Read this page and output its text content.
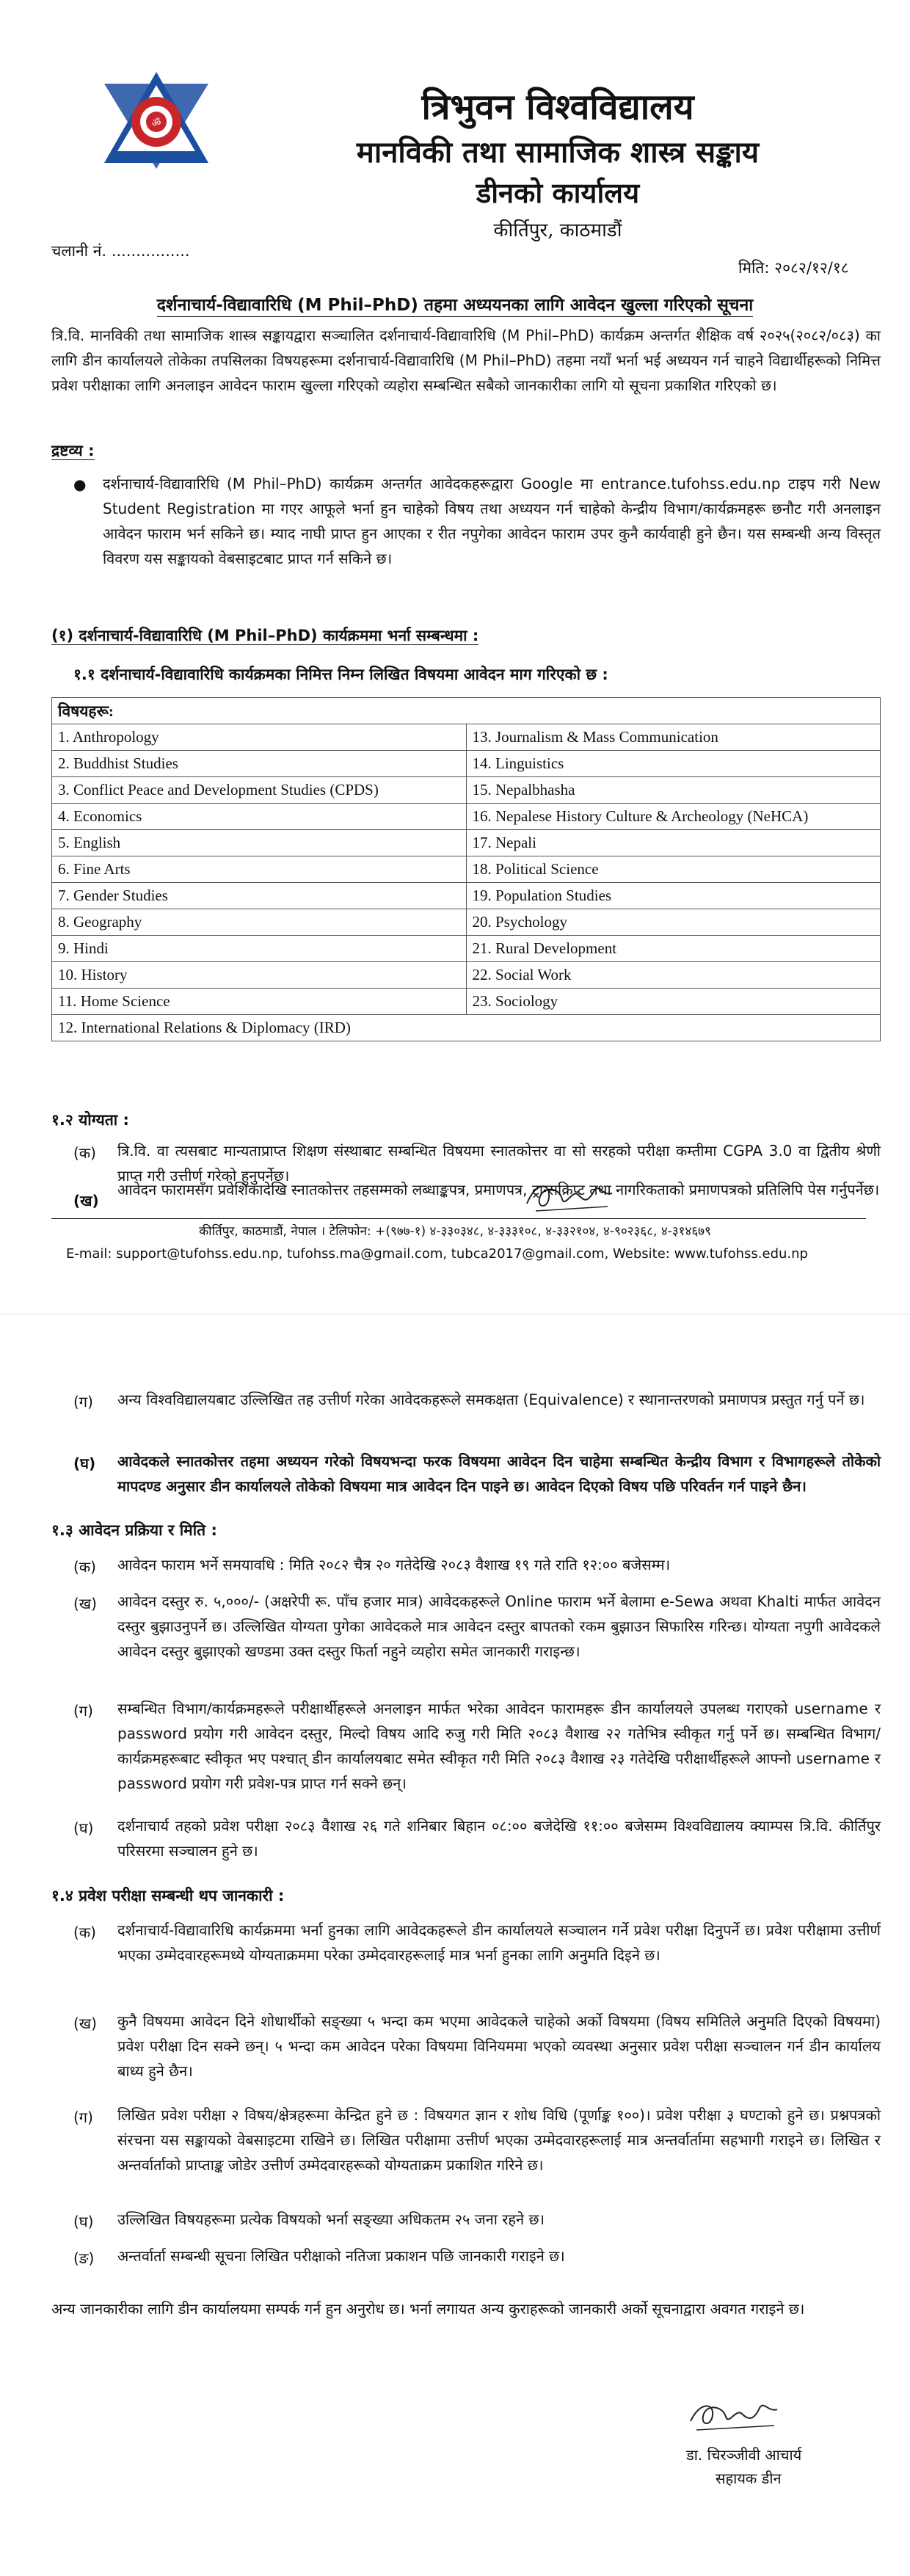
ॐ	त्रिभुवन विश्वविद्यालय
मानविकी तथा सामाजिक शास्त्र सङ्काय
डीनको कार्यालय
कीर्तिपुर, काठमाडौं
चलानी नं. ................
मिति: २०८२/१२/१८
दर्शनाचार्य-विद्यावारिधि (M Phil–PhD) तहमा अध्ययनका लागि आवेदन खुल्ला गरिएको सूचना
त्रि.वि. मानविकी तथा सामाजिक शास्त्र सङ्कायद्वारा सञ्चालित दर्शनाचार्य-विद्यावारिधि (M Phil–PhD) कार्यक्रम अन्तर्गत शैक्षिक वर्ष २०२५(२०८२/०८३) का लागि डीन कार्यालयले तोकेका तपसिलका विषयहरूमा दर्शनाचार्य-विद्यावारिधि (M Phil–PhD) तहमा नयाँ भर्ना भई अध्ययन गर्न चाहने विद्यार्थीहरूको निमित्त प्रवेश परीक्षाका लागि अनलाइन आवेदन फाराम खुल्ला गरिएको व्यहोरा सम्बन्धित सबैको जानकारीका लागि यो सूचना प्रकाशित गरिएको छ।
द्रष्टव्य :
● दर्शनाचार्य-विद्यावारिधि (M Phil–PhD) कार्यक्रम अन्तर्गत आवेदकहरूद्वारा Google मा entrance.tufohss.edu.np टाइप गरी New Student Registration मा गएर आफूले भर्ना हुन चाहेको विषय तथा अध्ययन गर्न चाहेको केन्द्रीय विभाग/कार्यक्रमहरू छनौट गरी अनलाइन आवेदन फाराम भर्न सकिने छ। म्याद नाघी प्राप्त हुन आएका र रीत नपुगेका आवेदन फाराम उपर कुनै कार्यवाही हुने छैन। यस सम्बन्धी अन्य विस्तृत विवरण यस सङ्कायको वेबसाइटबाट प्राप्त गर्न सकिने छ।
(१) दर्शनाचार्य-विद्यावारिधि (M Phil–PhD) कार्यक्रममा भर्ना सम्बन्धमा :
१.१ दर्शनाचार्य-विद्यावारिधि कार्यक्रमका निमित्त निम्न लिखित विषयमा आवेदन माग गरिएको छ :
विषयहरू:	
1. Anthropology	13. Journalism & Mass Communication
2. Buddhist Studies	14. Linguistics
3. Conflict Peace and Development Studies (CPDS)	15. Nepalbhasha
4. Economics	16. Nepalese History Culture & Archeology (NeHCA)
5. English	17. Nepali
6. Fine Arts	18. Political Science
7. Gender Studies	19. Population Studies
8. Geography	20. Psychology
9. Hindi	21. Rural Development
10. History	22. Social Work
11. Home Science	23. Sociology
12. International Relations & Diplomacy (IRD)	
१.२ योग्यता :
(क) त्रि.वि. वा त्यसबाट मान्यताप्राप्त शिक्षण संस्थाबाट सम्बन्धित विषयमा स्नातकोत्तर वा सो सरहको परीक्षा कम्तीमा CGPA 3.0 वा द्वितीय श्रेणी प्राप्त गरी उत्तीर्ण गरेको हुनुपर्नेछ।
(ख)
कीर्तिपुर, काठमाडौं, नेपाल । टेलिफोन: +(९७७-१) ४-३३०३४८, ४-३३३१०८, ४-३३२१०४, ४-९०२३६८, ४-३१४६७९
E-mail: support@tufohss.edu.np, tufohss.ma@gmail.com, tubca2017@gmail.com, Website: www.tufohss.edu.np
आवेदन फारामसँग प्रवेशिकादेखि स्नातकोत्तर तहसम्मको लब्धाङ्कपत्र, प्रमाणपत्र, ट्रान्सक्रिप्ट तथा नागरिकताको प्रमाणपत्रको प्रतिलिपि पेस गर्नुपर्नेछ।
(ग) अन्य विश्वविद्यालयबाट उल्लिखित तह उत्तीर्ण गरेका आवेदकहरूले समकक्षता (Equivalence) र स्थानान्तरणको प्रमाणपत्र प्रस्तुत गर्नु पर्ने छ।
(घ) आवेदकले स्नातकोत्तर तहमा अध्ययन गरेको विषयभन्दा फरक विषयमा आवेदन दिन चाहेमा सम्बन्धित केन्द्रीय विभाग र विभागहरूले तोकेको मापदण्ड अनुसार डीन कार्यालयले तोकेको विषयमा मात्र आवेदन दिन पाइने छ। आवेदन दिएको विषय पछि परिवर्तन गर्न पाइने छैन।
१.३ आवेदन प्रक्रिया र मिति :
(क) आवेदन फाराम भर्ने समयावधि : मिति २०८२ चैत्र २० गतेदेखि २०८३ वैशाख १९ गते राति १२:०० बजेसम्म।
(ख) आवेदन दस्तुर रु. ५,०००/- (अक्षरेपी रू. पाँच हजार मात्र) आवेदकहरूले Online फाराम भर्ने बेलामा e-Sewa अथवा Khalti मार्फत आवेदन दस्तुर बुझाउनुपर्ने छ। उल्लिखित योग्यता पुगेका आवेदकले मात्र आवेदन दस्तुर बापतको रकम बुझाउन सिफारिस गरिन्छ। योग्यता नपुगी आवेदकले आवेदन दस्तुर बुझाएको खण्डमा उक्त दस्तुर फिर्ता नहुने व्यहोरा समेत जानकारी गराइन्छ।
(ग) सम्बन्धित विभाग/कार्यक्रमहरूले परीक्षार्थीहरूले अनलाइन मार्फत भरेका आवेदन फारामहरू डीन कार्यालयले उपलब्ध गराएको username र password प्रयोग गरी आवेदन दस्तुर, मिल्दो विषय आदि रुजु गरी मिति २०८३ वैशाख २२ गतेभित्र स्वीकृत गर्नु पर्ने छ। सम्बन्धित विभाग/कार्यक्रमहरूबाट स्वीकृत भए पश्चात् डीन कार्यालयबाट समेत स्वीकृत गरी मिति २०८३ वैशाख २३ गतेदेखि परीक्षार्थीहरूले आफ्नो username र password प्रयोग गरी प्रवेश-पत्र प्राप्त गर्न सक्ने छन्।
(घ) दर्शनाचार्य तहको प्रवेश परीक्षा २०८३ वैशाख २६ गते शनिबार बिहान ०८:०० बजेदेखि ११:०० बजेसम्म विश्वविद्यालय क्याम्पस त्रि.वि. कीर्तिपुर परिसरमा सञ्चालन हुने छ।
१.४ प्रवेश परीक्षा सम्बन्धी थप जानकारी :
(क) दर्शनाचार्य-विद्यावारिधि कार्यक्रममा भर्ना हुनका लागि आवेदकहरूले डीन कार्यालयले सञ्चालन गर्ने प्रवेश परीक्षा दिनुपर्ने छ। प्रवेश परीक्षामा उत्तीर्ण भएका उम्मेदवारहरूमध्ये योग्यताक्रममा परेका उम्मेदवारहरूलाई मात्र भर्ना हुनका लागि अनुमति दिइने छ।
(ख) कुनै विषयमा आवेदन दिने शोधार्थीको सङ्ख्या ५ भन्दा कम भएमा आवेदकले चाहेको अर्को विषयमा (विषय समितिले अनुमति दिएको विषयमा) प्रवेश परीक्षा दिन सक्ने छन्। ५ भन्दा कम आवेदन परेका विषयमा विनियममा भएको व्यवस्था अनुसार प्रवेश परीक्षा सञ्चालन गर्न डीन कार्यालय बाध्य हुने छैन।
(ग) लिखित प्रवेश परीक्षा २ विषय/क्षेत्रहरूमा केन्द्रित हुने छ : विषयगत ज्ञान र शोध विधि (पूर्णाङ्क १००)। प्रवेश परीक्षा ३ घण्टाको हुने छ। प्रश्नपत्रको संरचना यस सङ्कायको वेबसाइटमा राखिने छ। लिखित परीक्षामा उत्तीर्ण भएका उम्मेदवारहरूलाई मात्र अन्तर्वार्तामा सहभागी गराइने छ। लिखित र अन्तर्वार्ताको प्राप्ताङ्क जोडेर उत्तीर्ण उम्मेदवारहरूको योग्यताक्रम प्रकाशित गरिने छ।
(घ) उल्लिखित विषयहरूमा प्रत्येक विषयको भर्ना सङ्ख्या अधिकतम २५ जना रहने छ।
(ङ) अन्तर्वार्ता सम्बन्धी सूचना लिखित परीक्षाको नतिजा प्रकाशन पछि जानकारी गराइने छ।
अन्य जानकारीका लागि डीन कार्यालयमा सम्पर्क गर्न हुन अनुरोध छ। भर्ना लगायत अन्य कुराहरूको जानकारी अर्को सूचनाद्वारा अवगत गराइने छ।
डा. चिरञ्जीवी आचार्य
सहायक डीन
